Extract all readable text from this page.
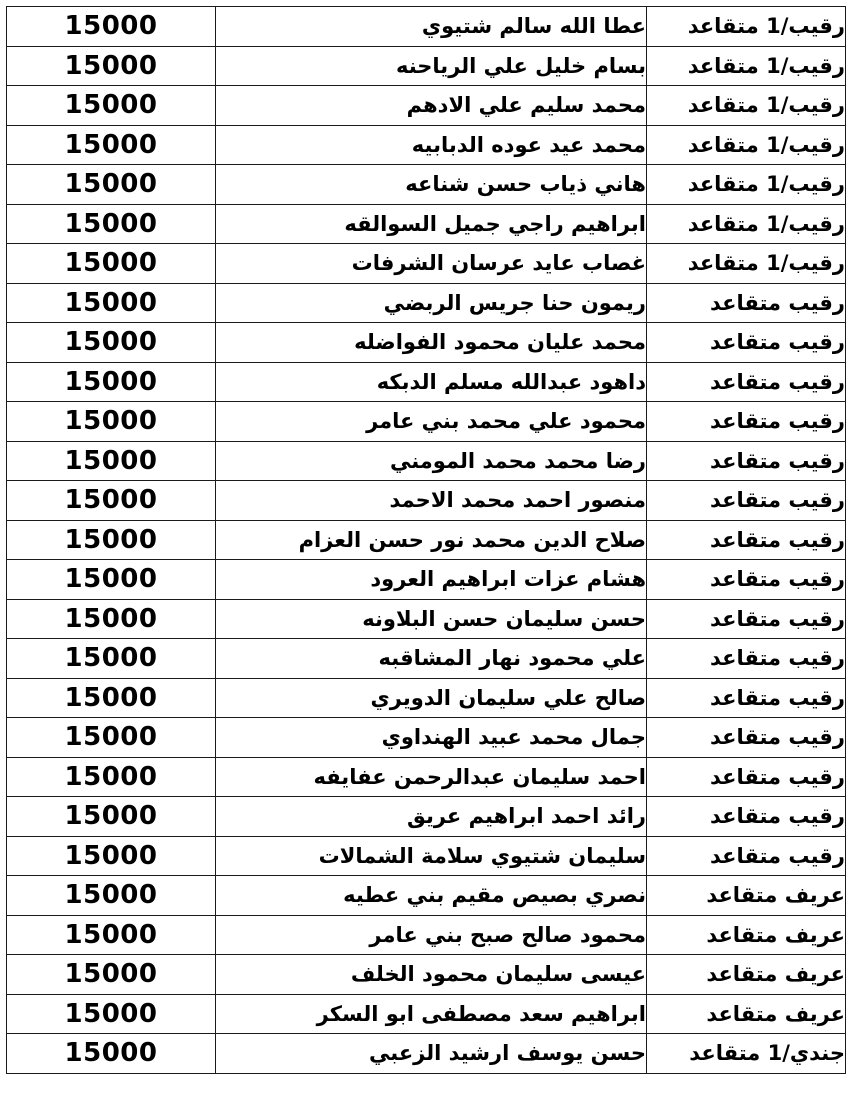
15000	عطا الله سالم شتيوي	رقيب/1 متقاعد
15000	بسام خليل علي الرياحنه	رقيب/1 متقاعد
15000	محمد سليم علي الادهم	رقيب/1 متقاعد
15000	محمد عيد عوده الدبابيه	رقيب/1 متقاعد
15000	هاني ذياب حسن شناعه	رقيب/1 متقاعد
15000	ابراهيم راجي جميل السوالقه	رقيب/1 متقاعد
15000	غصاب عايد عرسان الشرفات	رقيب/1 متقاعد
15000	ريمون حنا جريس الربضي	رقيب متقاعد
15000	محمد عليان محمود الفواضله	رقيب متقاعد
15000	داهود عبدالله مسلم الدبكه	رقيب متقاعد
15000	محمود علي محمد بني عامر	رقيب متقاعد
15000	رضا محمد محمد المومني	رقيب متقاعد
15000	منصور احمد محمد الاحمد	رقيب متقاعد
15000	صلاح الدين محمد نور حسن العزام	رقيب متقاعد
15000	هشام عزات ابراهيم العرود	رقيب متقاعد
15000	حسن سليمان حسن البلاونه	رقيب متقاعد
15000	علي محمود نهار المشاقبه	رقيب متقاعد
15000	صالح علي سليمان الدويري	رقيب متقاعد
15000	جمال محمد عبيد الهنداوي	رقيب متقاعد
15000	احمد سليمان عبدالرحمن عفايفه	رقيب متقاعد
15000	رائد احمد ابراهيم عريق	رقيب متقاعد
15000	سليمان شتيوي سلامة الشمالات	رقيب متقاعد
15000	نصري بصيص مقيم بني عطيه	عريف متقاعد
15000	محمود صالح صبح بني عامر	عريف متقاعد
15000	عيسى سليمان محمود الخلف	عريف متقاعد
15000	ابراهيم سعد مصطفى ابو السكر	عريف متقاعد
15000	حسن يوسف ارشيد الزعبي	جندي/1 متقاعد
